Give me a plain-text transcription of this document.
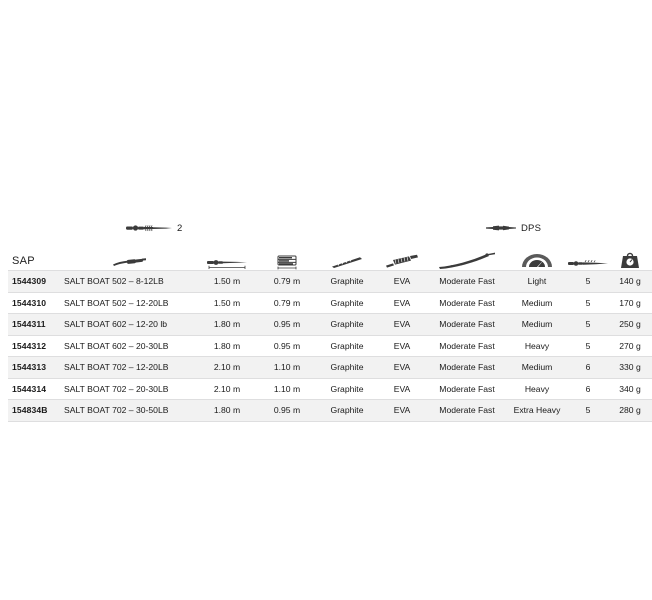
2	DPS
SAP									
1544309	SALT BOAT 502 – 8-12LB	1.50 m	0.79 m	Graphite	EVA	Moderate Fast	Light	5	140 g
1544310	SALT BOAT 502 – 12-20LB	1.50 m	0.79 m	Graphite	EVA	Moderate Fast	Medium	5	170 g
1544311	SALT BOAT 602 – 12-20 lb	1.80 m	0.95 m	Graphite	EVA	Moderate Fast	Medium	5	250 g
1544312	SALT BOAT 602 – 20-30LB	1.80 m	0.95 m	Graphite	EVA	Moderate Fast	Heavy	5	270 g
1544313	SALT BOAT 702 – 12-20LB	2.10 m	1.10 m	Graphite	EVA	Moderate Fast	Medium	6	330 g
1544314	SALT BOAT 702 – 20-30LB	2.10 m	1.10 m	Graphite	EVA	Moderate Fast	Heavy	6	340 g
154834B	SALT BOAT 702 – 30-50LB	1.80 m	0.95 m	Graphite	EVA	Moderate Fast	Extra Heavy	5	280 g
